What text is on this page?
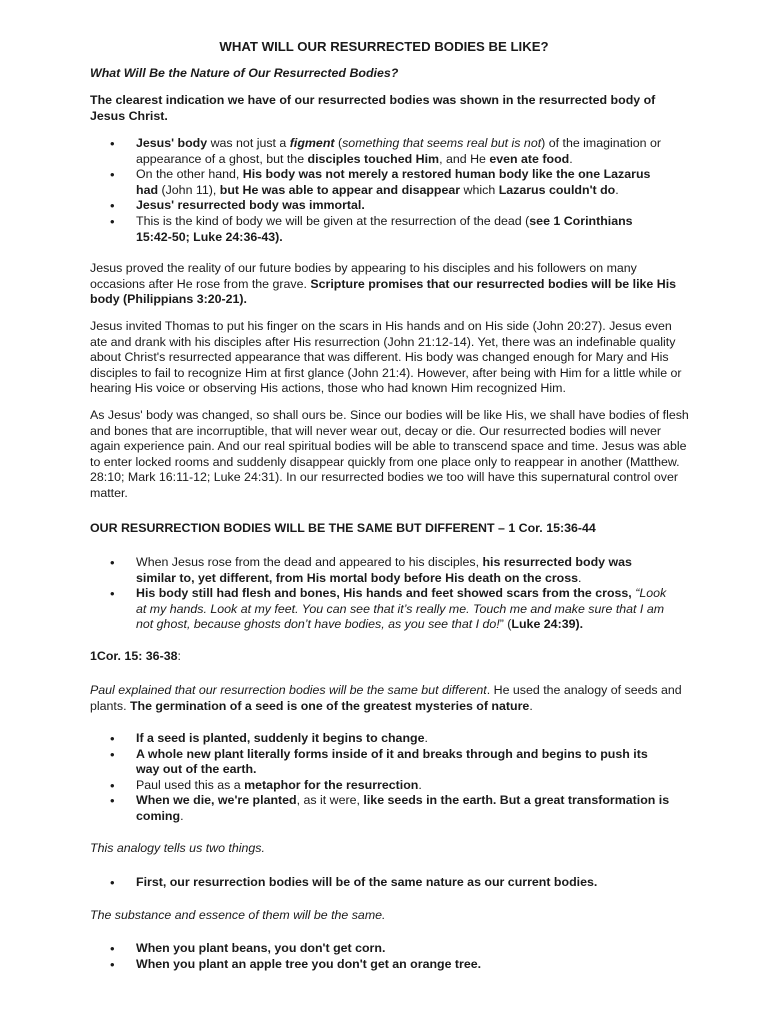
WHAT WILL OUR RESURRECTED BODIES BE LIKE?

What Will Be the Nature of Our Resurrected Bodies?

The clearest indication we have of our resurrected bodies was shown in the resurrected body of Jesus Christ.

• Jesus' body was not just a figment (something that seems real but is not) of the imagination or appearance of a ghost, but the disciples touched Him, and He even ate food.
• On the other hand, His body was not merely a restored human body like the one Lazarus had (John 11), but He was able to appear and disappear which Lazarus couldn't do.
• Jesus' resurrected body was immortal.
• This is the kind of body we will be given at the resurrection of the dead (see 1 Corinthians 15:42-50; Luke 24:36-43).

Jesus proved the reality of our future bodies by appearing to his disciples and his followers on many occasions after He rose from the grave. Scripture promises that our resurrected bodies will be like His body (Philippians 3:20-21).

Jesus invited Thomas to put his finger on the scars in His hands and on His side (John 20:27). Jesus even ate and drank with his disciples after His resurrection (John 21:12-14). Yet, there was an indefinable quality about Christ's resurrected appearance that was different. His body was changed enough for Mary and His disciples to fail to recognize Him at first glance (John 21:4). However, after being with Him for a little while or hearing His voice or observing His actions, those who had known Him recognized Him.

As Jesus' body was changed, so shall ours be. Since our bodies will be like His, we shall have bodies of flesh and bones that are incorruptible, that will never wear out, decay or die. Our resurrected bodies will never again experience pain. And our real spiritual bodies will be able to transcend space and time. Jesus was able to enter locked rooms and suddenly disappear quickly from one place only to reappear in another (Matthew. 28:10; Mark 16:11-12; Luke 24:31). In our resurrected bodies we too will have this supernatural control over matter.

OUR RESURRECTION BODIES WILL BE THE SAME BUT DIFFERENT – 1 Cor. 15:36-44

• When Jesus rose from the dead and appeared to his disciples, his resurrected body was similar to, yet different, from His mortal body before His death on the cross.
• His body still had flesh and bones, His hands and feet showed scars from the cross, “Look at my hands. Look at my feet. You can see that it’s really me. Touch me and make sure that I am not ghost, because ghosts don’t have bodies, as you see that I do!” (Luke 24:39).

1Cor. 15: 36-38:

Paul explained that our resurrection bodies will be the same but different. He used the analogy of seeds and plants. The germination of a seed is one of the greatest mysteries of nature.

• If a seed is planted, suddenly it begins to change.
• A whole new plant literally forms inside of it and breaks through and begins to push its way out of the earth.
• Paul used this as a metaphor for the resurrection.
• When we die, we're planted, as it were, like seeds in the earth. But a great transformation is coming.

This analogy tells us two things.

• First, our resurrection bodies will be of the same nature as our current bodies.

The substance and essence of them will be the same.

• When you plant beans, you don't get corn.
• When you plant an apple tree you don't get an orange tree.
